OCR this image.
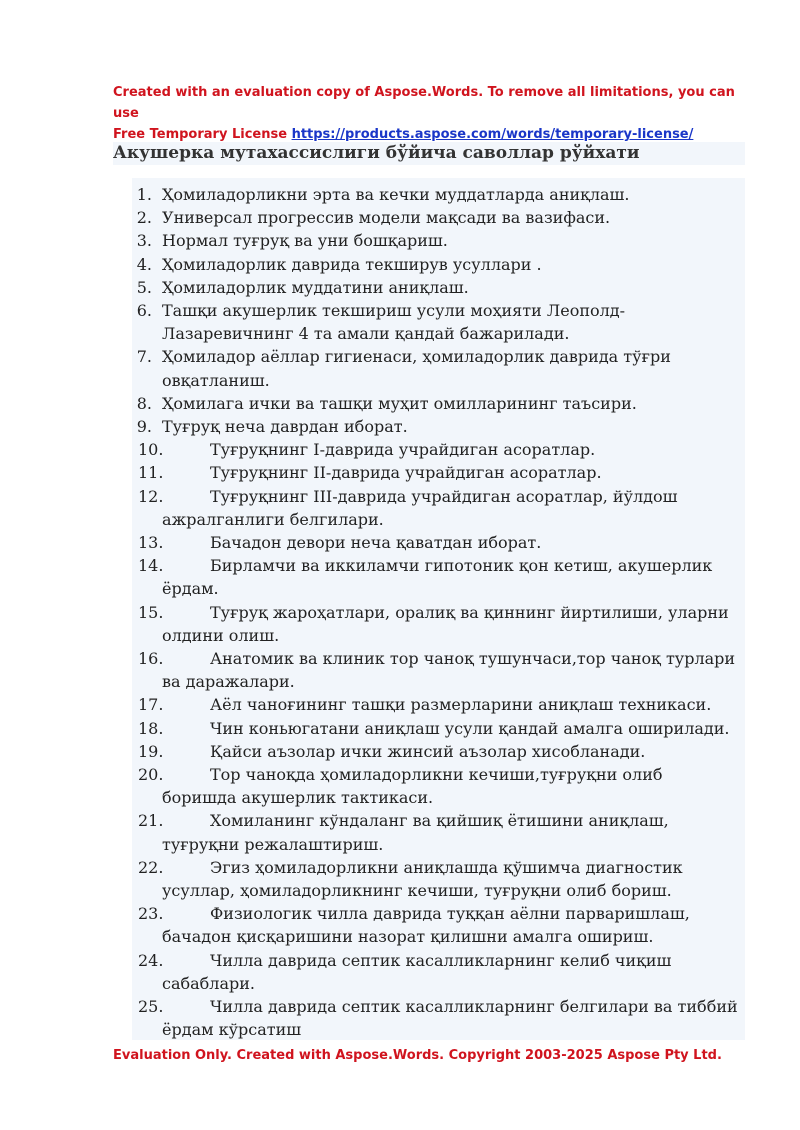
Created with an evaluation copy of Aspose.Words. To remove all limitations, you can use
Free Temporary License https://products.aspose.com/words/temporary-license/
Акушерка мутахассислиги бўйича саволлар рўйхати
1. Ҳомиладорликни эрта ва кечки муддатларда аниқлаш.
2. Универсал прогрессив модели мақсади ва вазифаси.
3. Нормал туғруқ ва уни бошқариш.
4. Ҳомиладорлик даврида текширув усуллари .
5. Ҳомиладорлик муддатини аниқлаш.
6. Ташқи акушерлик текшириш усули моҳияти Леополд-
Лазаревичнинг 4 та амали қандай бажарилади.
7. Ҳомиладор аёллар гигиенаси, ҳомиладорлик даврида тўғри
овқатланиш.
8. Ҳомилага ички ва ташқи муҳит омилларининг таъсири.
9. Туғруқ неча даврдан иборат.
10.	Туғруқнинг I-даврида учрайдиган асоратлар.
11.	Туғруқнинг II-даврида учрайдиган асоратлар.
12.	Туғруқнинг III-даврида учрайдиган асоратлар, йўлдош
ажралганлиги белгилари.
13.	Бачадон девори неча қаватдан иборат.
14.	Бирламчи ва иккиламчи гипотоник қон кетиш, акушерлик
ёрдам.
15.	Туғруқ жароҳатлари, оралиқ ва қиннинг йиртилиши, уларни
олдини олиш.
16.	Анатомик ва клиник тор чаноқ тушунчаси,тор чаноқ турлари
ва даражалари.
17.	Аёл чаноғининг ташқи размерларини аниқлаш техникаси.
18.	Чин коньюгатани аниқлаш усули қандай амалга оширилади.
19.	Қайси аъзолар ички жинсий аъзолар хисобланади.
20.	Тор чаноқда ҳомиладорликни кечиши,туғруқни олиб
боришда акушерлик тактикаси.
21.	Хомиланинг кўндаланг ва қийшиқ ётишини аниқлаш,
туғруқни режалаштириш.
22.	Эгиз ҳомиладорликни аниқлашда қўшимча диагностик
усуллар, ҳомиладорликнинг кечиши, туғруқни олиб бориш.
23.	Физиологик чилла даврида туққан аёлни парваришлаш,
бачадон қисқаришини назорат қилишни амалга ошириш.
24.	Чилла даврида септик касалликларнинг келиб чиқиш
сабаблари.
25.	Чилла даврида септик касалликларнинг белгилари ва тиббий
ёрдам кўрсатиш
Evaluation Only. Created with Aspose.Words. Copyright 2003-2025 Aspose Pty Ltd.
